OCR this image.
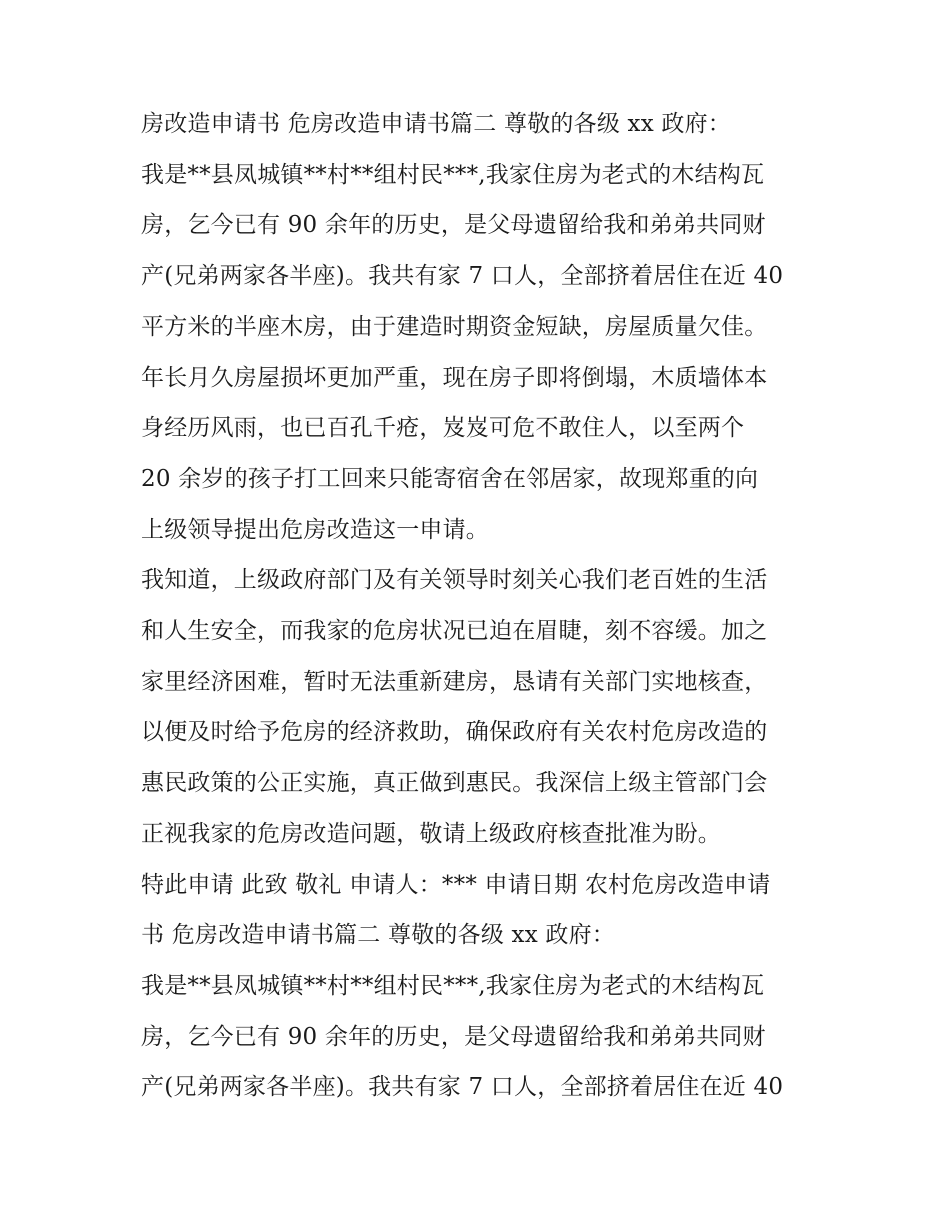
房改造申请书 危房改造申请书篇二 尊敬的各级 xx 政府：
我是**县凤城镇**村**组村民***,我家住房为老式的木结构瓦
房，乞今已有 90 余年的历史，是父母遗留给我和弟弟共同财
产(兄弟两家各半座)。我共有家 7 口人，全部挤着居住在近 40
平方米的半座木房，由于建造时期资金短缺，房屋质量欠佳。
年长月久房屋损坏更加严重，现在房子即将倒塌，木质墙体本
身经历风雨，也已百孔千疮，岌岌可危不敢住人，以至两个
20 余岁的孩子打工回来只能寄宿舍在邻居家，故现郑重的向
上级领导提出危房改造这一申请。
我知道，上级政府部门及有关领导时刻关心我们老百姓的生活
和人生安全，而我家的危房状况已迫在眉睫，刻不容缓。加之
家里经济困难，暂时无法重新建房，恳请有关部门实地核查，
以便及时给予危房的经济救助，确保政府有关农村危房改造的
惠民政策的公正实施，真正做到惠民。我深信上级主管部门会
正视我家的危房改造问题，敬请上级政府核查批准为盼。
特此申请 此致 敬礼 申请人：*** 申请日期 农村危房改造申请
书 危房改造申请书篇二 尊敬的各级 xx 政府：
我是**县凤城镇**村**组村民***,我家住房为老式的木结构瓦
房，乞今已有 90 余年的历史，是父母遗留给我和弟弟共同财
产(兄弟两家各半座)。我共有家 7 口人，全部挤着居住在近 40
